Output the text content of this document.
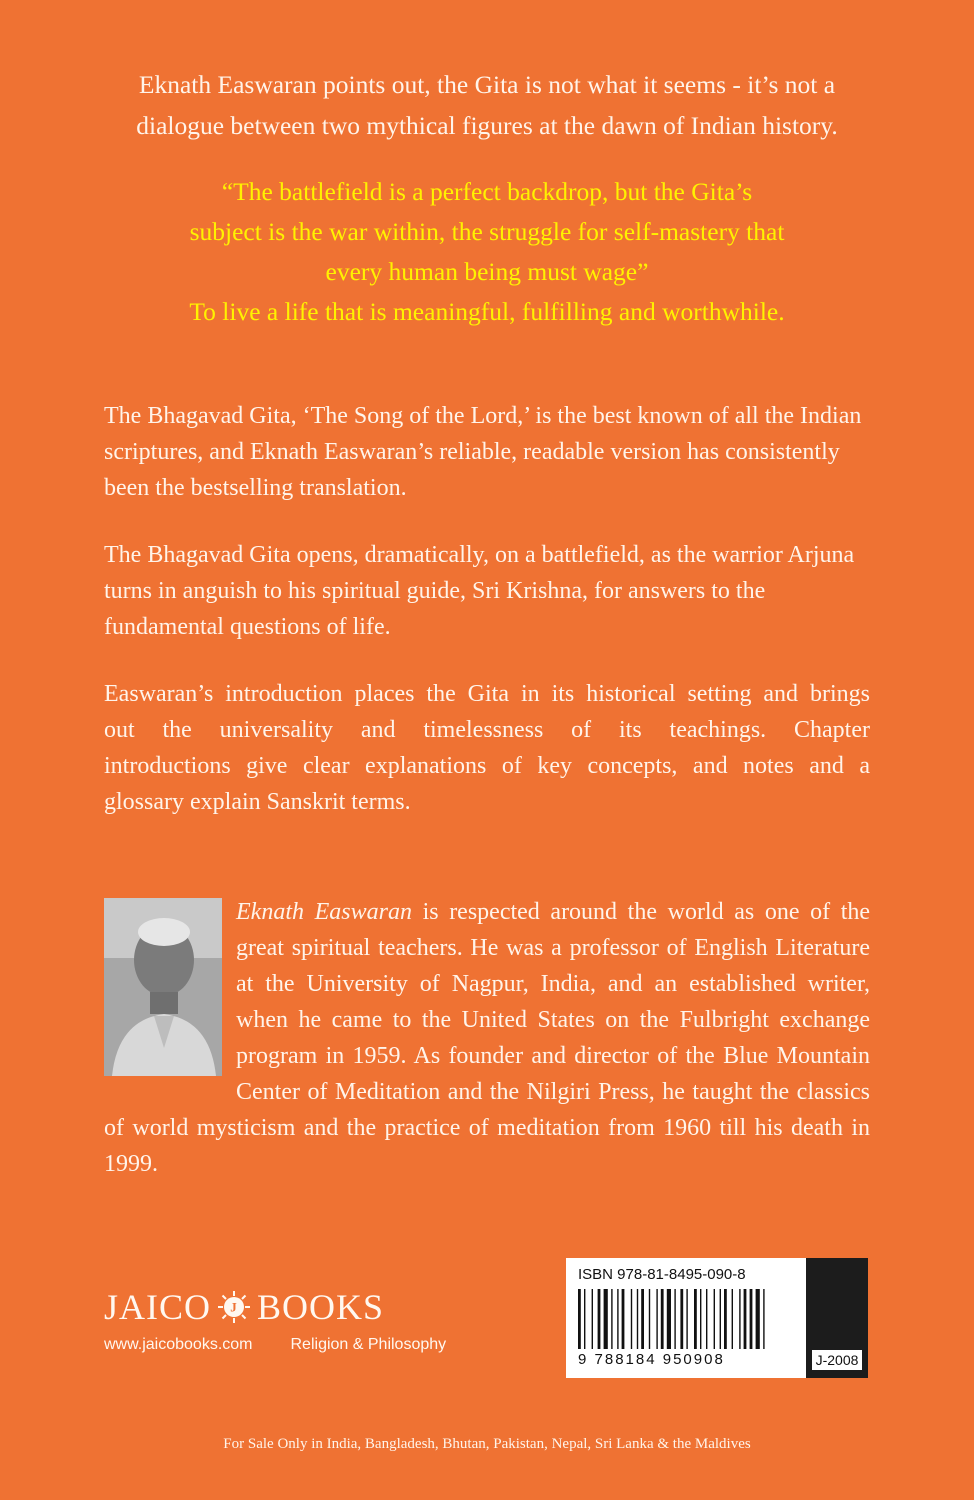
Eknath Easwaran points out, the Gita is not what it seems - it’s not a
dialogue between two mythical figures at the dawn of Indian history.

“The battlefield is a perfect backdrop, but the Gita’s

subject is the war within, the struggle for self-mastery that

every human being must wage”

To live a life that is meaningful, fulfilling and worthwhile.

The Bhagavad Gita, ‘The Song of the Lord,’ is the best known of all the Indian scriptures, and Eknath Easwaran’s reliable, readable version has consistently been the bestselling translation.

The Bhagavad Gita opens, dramatically, on a battlefield, as the warrior Arjuna turns in anguish to his spiritual guide, Sri Krishna, for answers to the fundamental questions of life.

Easwaran’s introduction places the Gita in its historical setting and brings
out the universality and timelessness of its teachings. Chapter
introductions give clear explanations of key concepts, and notes and a
glossary explain Sanskrit terms.

Eknath Easwaran is respected around the world as one of the great spiritual teachers. He was a professor of English Literature at the University of Nagpur, India, and an established writer, when he came to the United States on the Fulbright exchange program in 1959. As founder and director of the Blue Mountain Center of Meditation and the Nilgiri Press, he taught the classics of world mysticism and the practice of meditation from 1960 till his death in 1999.

JAICO J BOOKS
www.jaicobooks.com Religion & Philosophy
ISBN 978-81-8495-090-8
9 788184 950908	J-2008
For Sale Only in India, Bangladesh, Bhutan, Pakistan, Nepal, Sri Lanka & the Maldives
